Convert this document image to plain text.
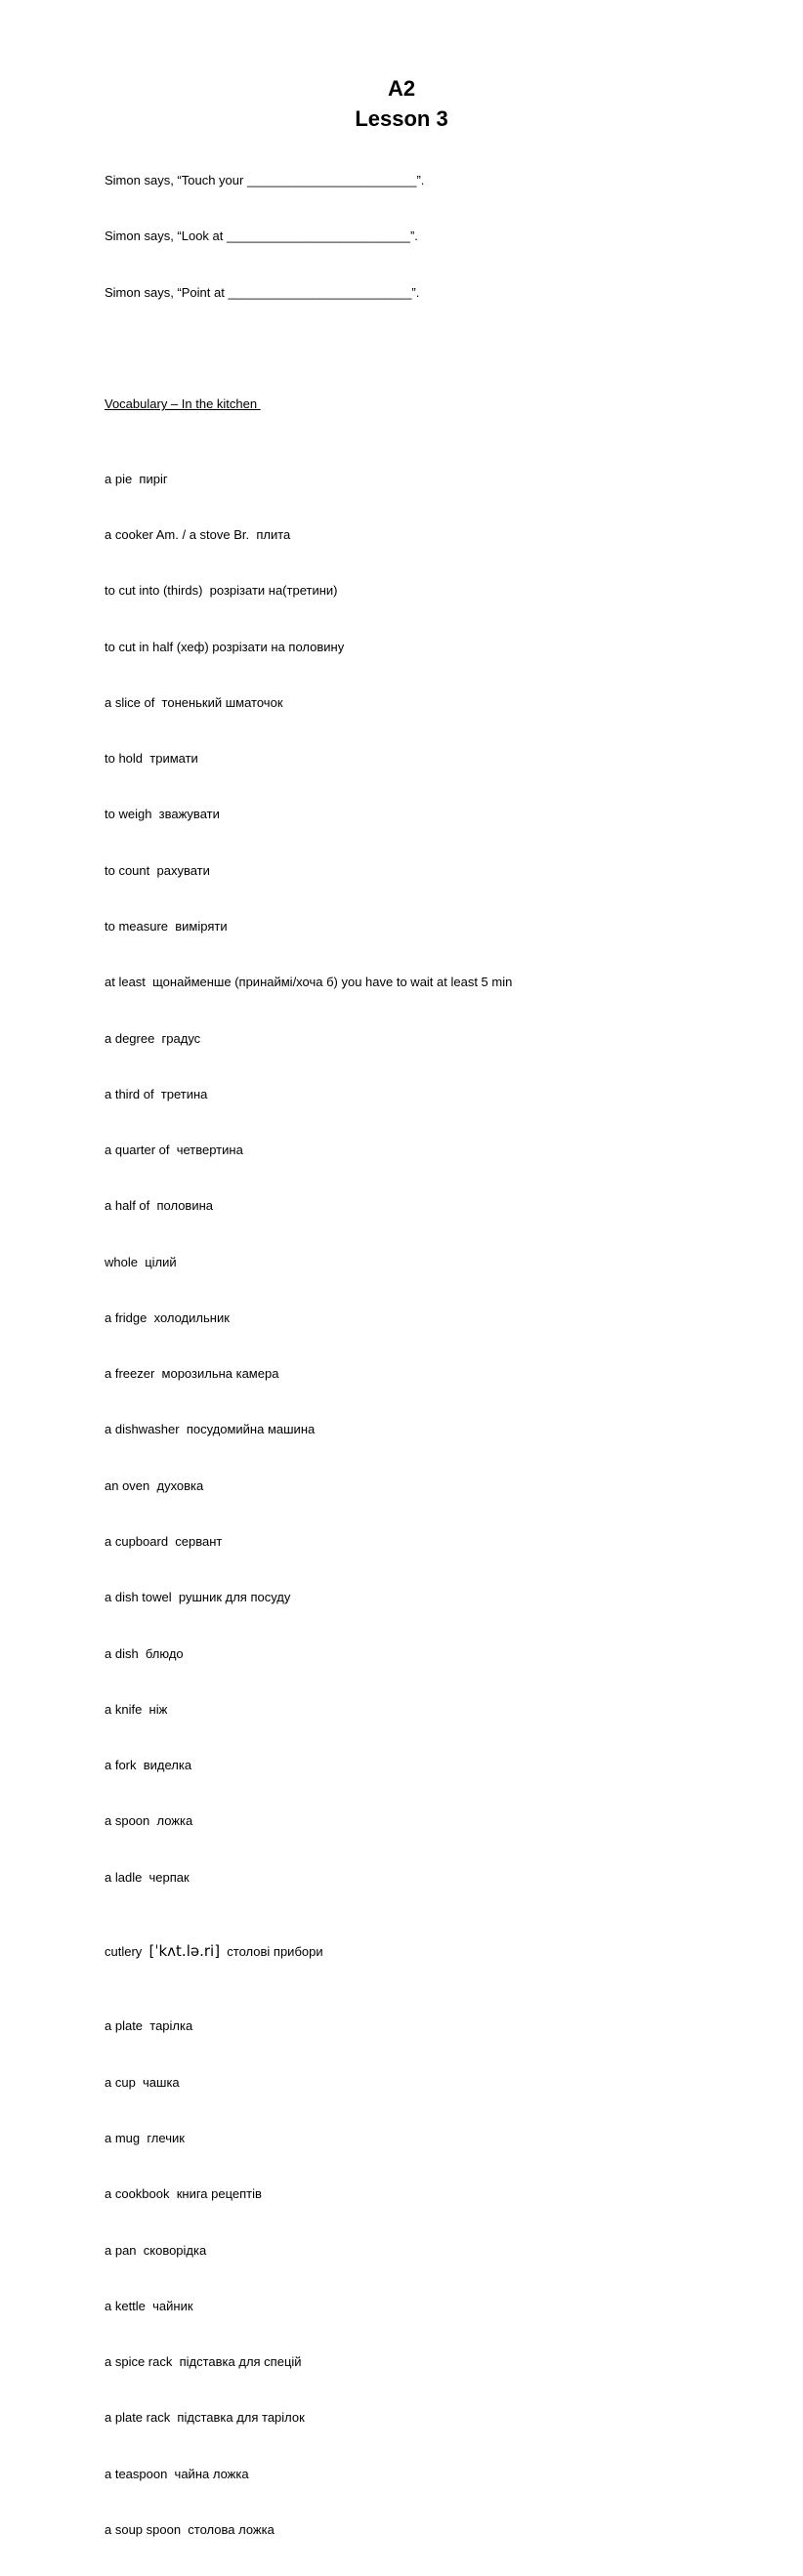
A2
Lesson 3

Simon says, “Touch your ________________________”.

Simon says, “Look at __________________________”.

Simon says, “Point at __________________________”.

Vocabulary – In the kitchen

a pie  пиріг

a cooker Am. / a stove Br.  плита

to cut into (thirds)  розрізати на(третини)

to cut in half (хеф) розрізати на половину

a slice of  тоненький шматочок

to hold  тримати

to weigh  зважувати

to count  рахувати

to measure  виміряти

at least  щонайменше (принаймі/хоча б) you have to wait at least 5 min

a degree  градус

a third of  третина

a quarter of  четвертина

a half of  половина

whole  цілий

a fridge  холодильник

a freezer  морозильна камера

a dishwasher  посудомийна машина

an oven  духовка

a cupboard  сервант

a dish towel  рушник для посуду

a dish  блюдо

a knife  ніж

a fork  виделка

a spoon  ложка

a ladle  черпак

cutlery  [ˈkʌt.lə.ri]  столові прибори

a plate  тарілка

a cup  чашка

a mug  глечик

a cookbook  книга рецептів

a pan  сковорідка

a kettle  чайник

a spice rack  підставка для спецій

a plate rack  підставка для тарілок

a teaspoon  чайна ложка

a soup spoon  столова ложка
